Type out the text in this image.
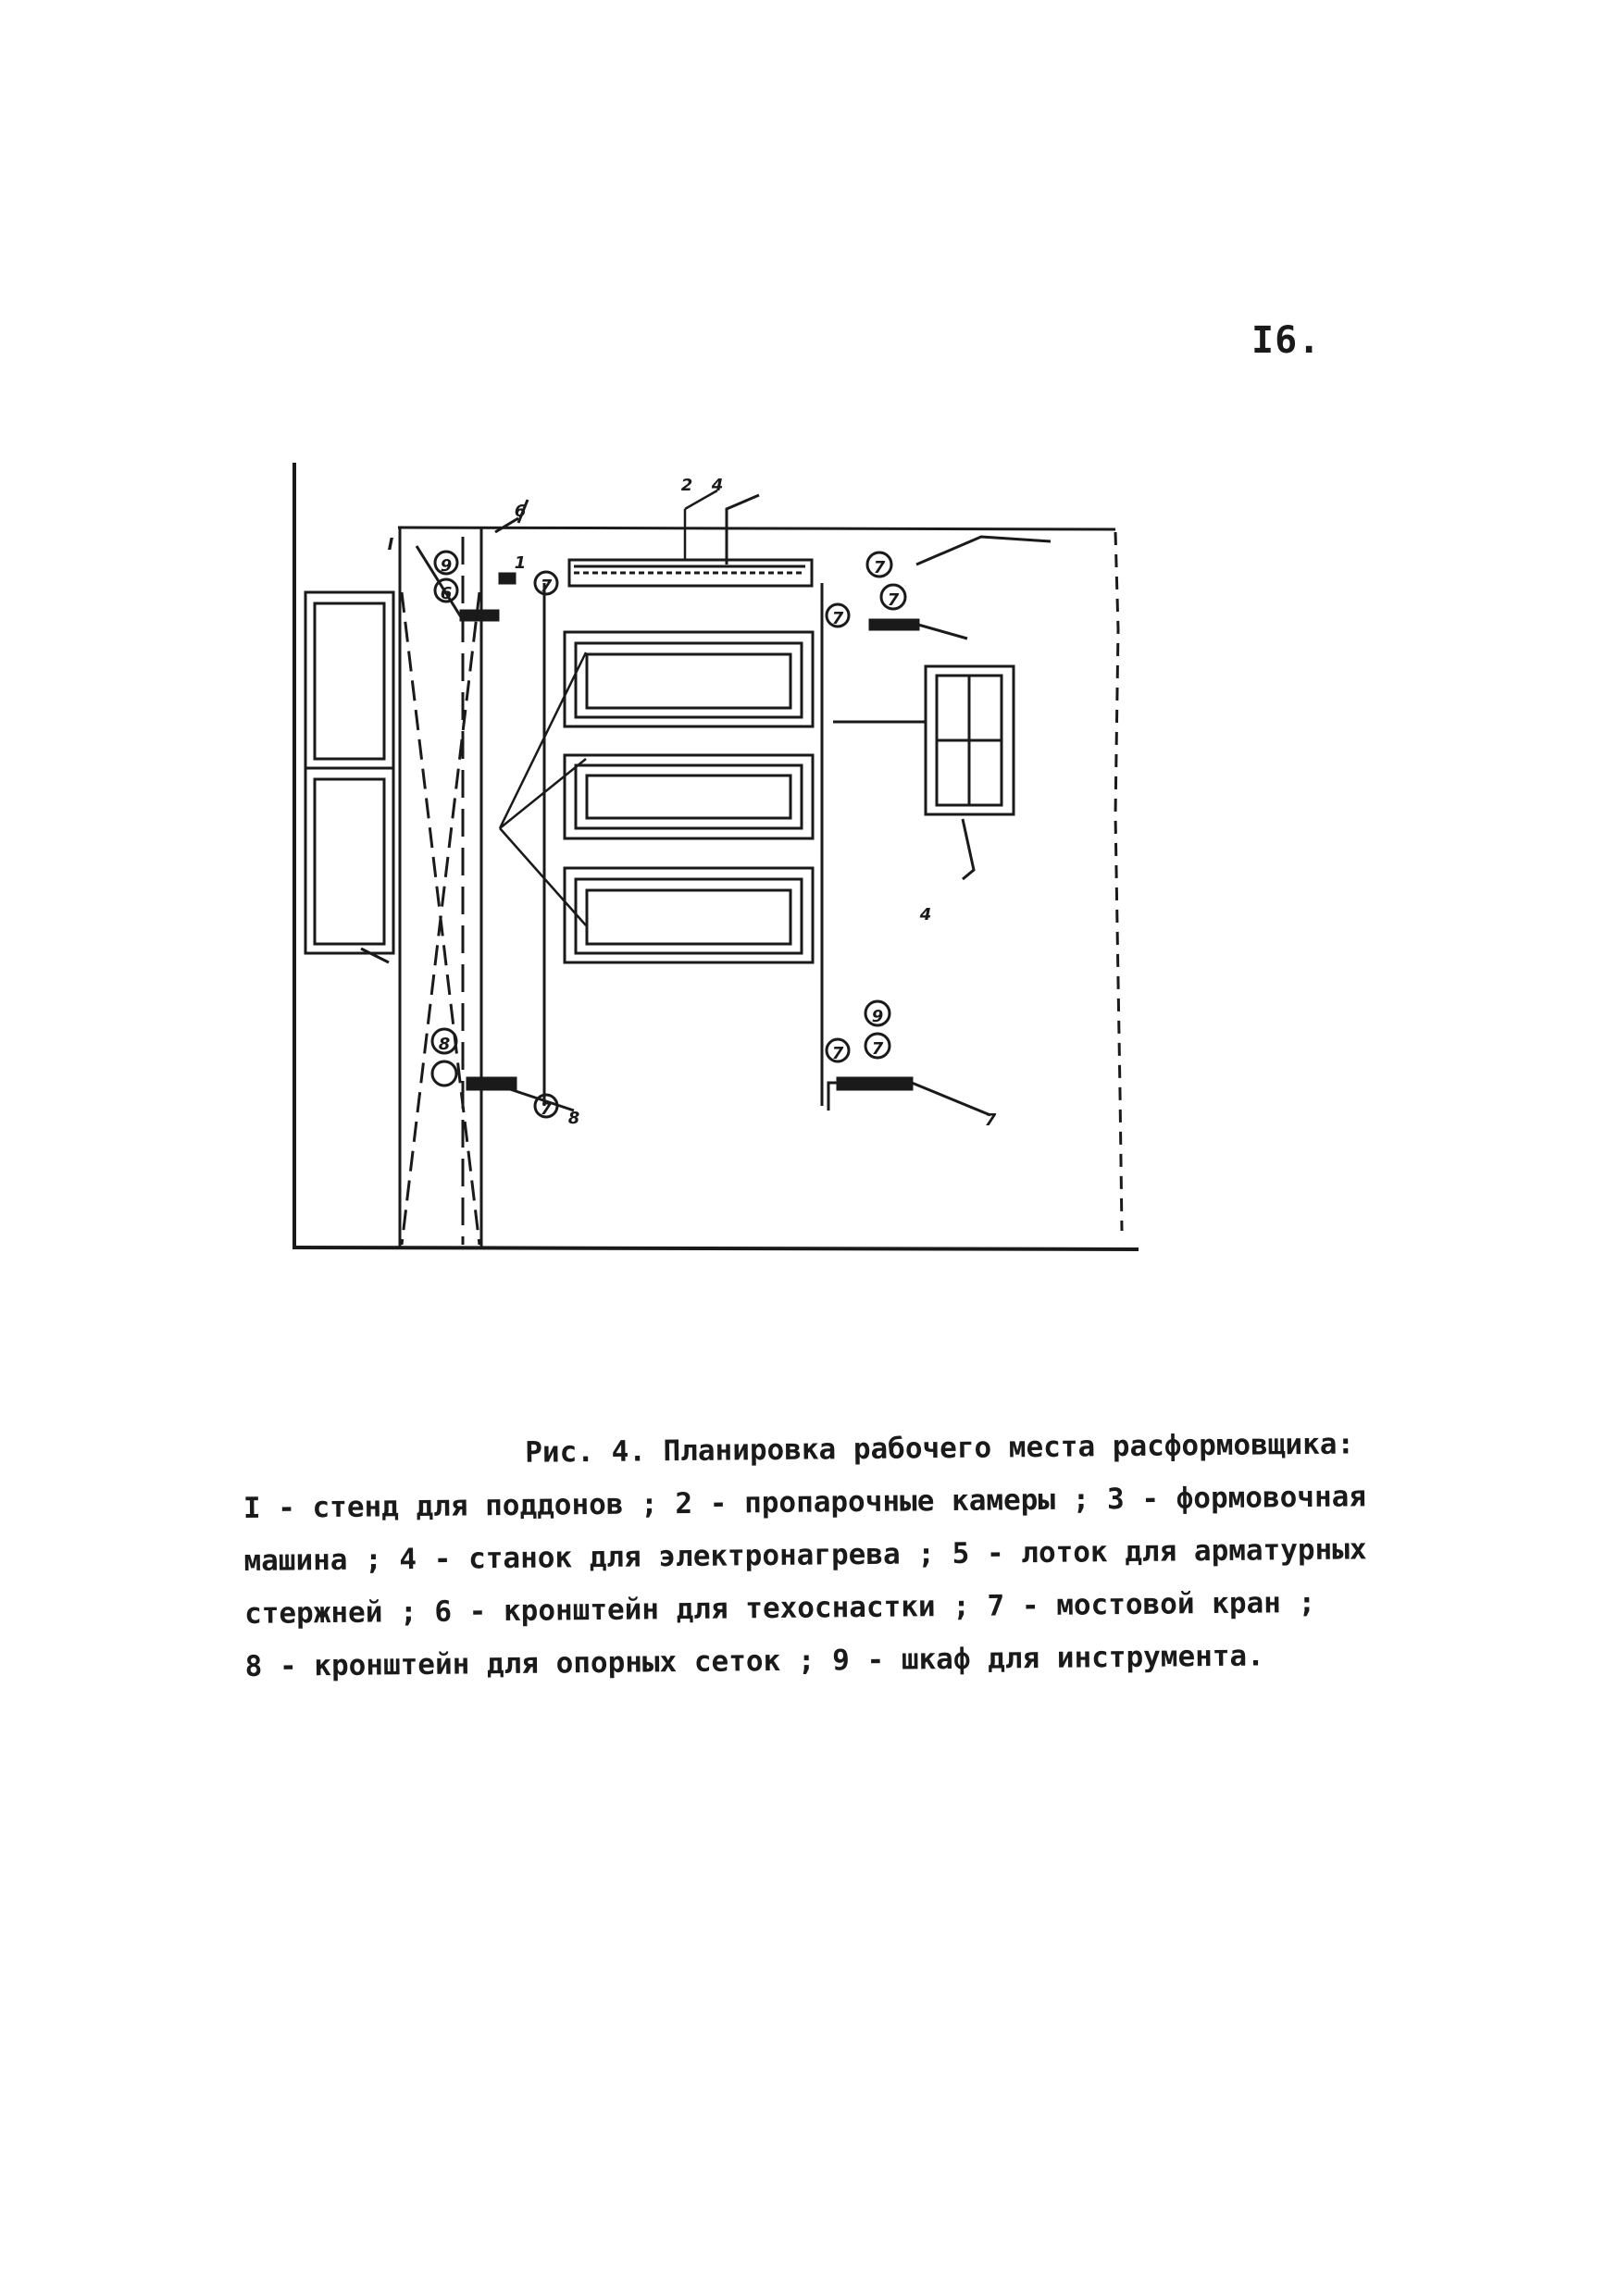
I6.
I
6
2 4
1
9
6
4
9
8
8	7
7
7
7
7
7
7
7

Рис. 4. Планировка рабочего места расформовщика:

I - стенд для поддонов ; 2 - пропарочные камеры ; 3 - формовочная

машина ; 4 - станок для электронагрева ; 5 - лоток для арматурных

стержней ; 6 - кронштейн для техоснастки ; 7 - мостовой кран ;

8 - кронштейн для опорных сеток ; 9 - шкаф для инструмента.
